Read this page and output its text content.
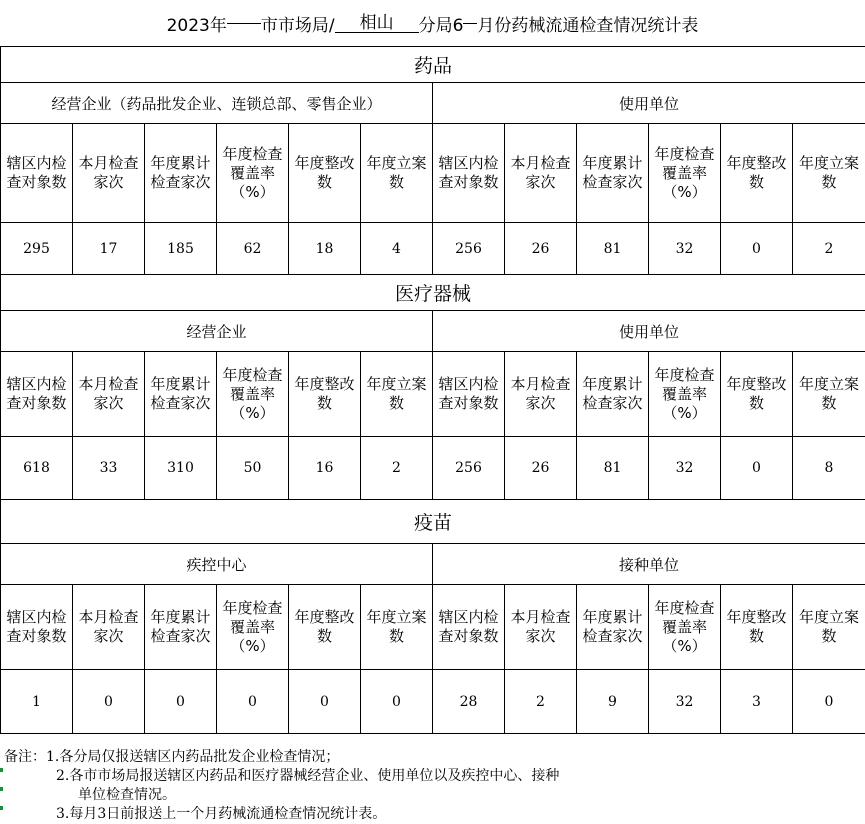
2023年 市市场局/	相山	分局6 月份药械流通检查情况统计表
药品											
经营企业（药品批发企业、连锁总部、零售企业）						使用单位					
辖区内检查对象数	本月检查家次	年度累计检查家次	年度检查覆盖率（%）	年度整改数	年度立案数	辖区内检查对象数	本月检查家次	年度累计检查家次	年度检查覆盖率（%）	年度整改数	年度立案数
295	17	185	62	18	4	256	26	81	32	0	2
医疗器械											
经营企业						使用单位					
辖区内检查对象数	本月检查家次	年度累计检查家次	年度检查覆盖率（%）	年度整改数	年度立案数	辖区内检查对象数	本月检查家次	年度累计检查家次	年度检查覆盖率（%）	年度整改数	年度立案数
618	33	310	50	16	2	256	26	81	32	0	8
疫苗											
疾控中心						接种单位					
辖区内检查对象数	本月检查家次	年度累计检查家次	年度检查覆盖率（%）	年度整改数	年度立案数	辖区内检查对象数	本月检查家次	年度累计检查家次	年度检查覆盖率（%）	年度整改数	年度立案数
1	0	0	0	0	0	28	2	9	32	3	0
备注：1.各分局仅报送辖区内药品批发企业检查情况；
2.各市市场局报送辖区内药品和医疗器械经营企业、使用单位以及疾控中心、接种
单位检查情况。
3.每月3日前报送上一个月药械流通检查情况统计表。
